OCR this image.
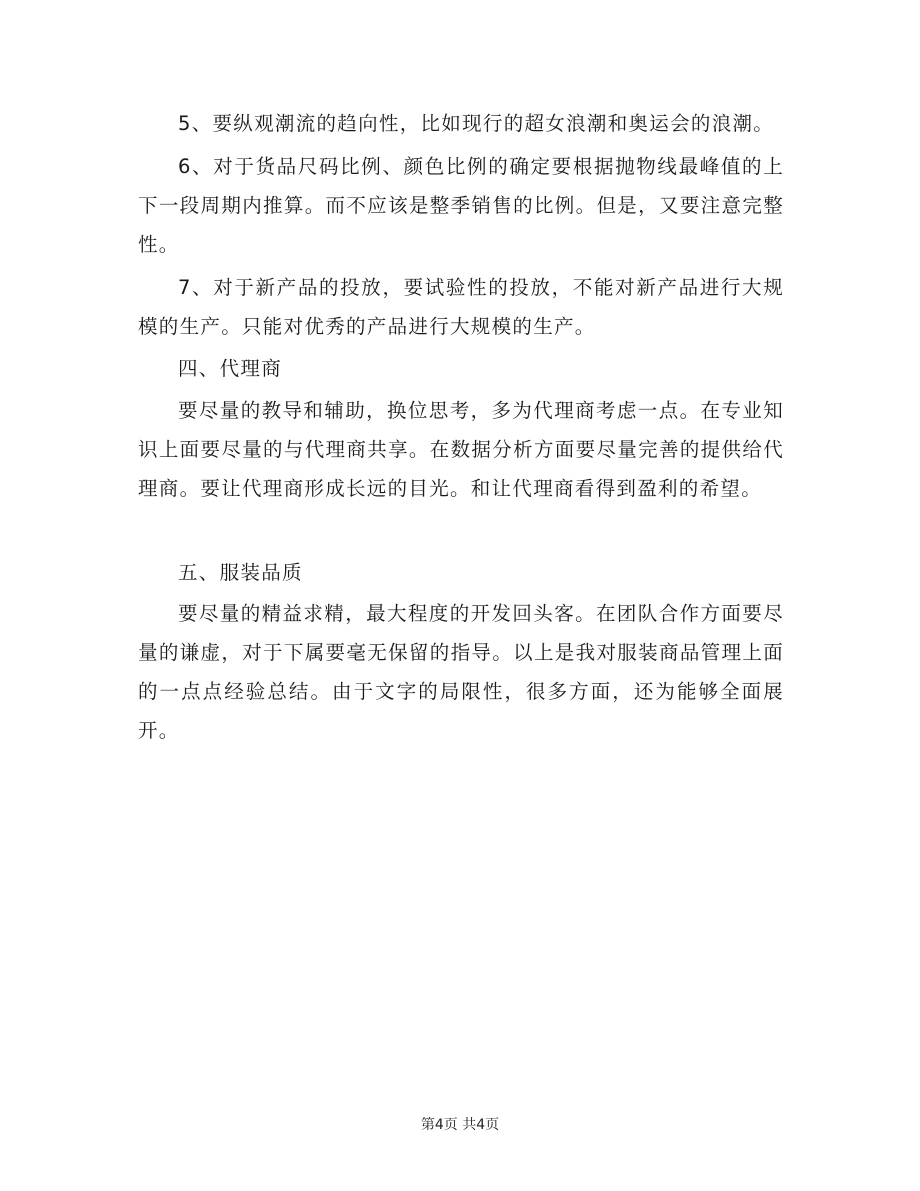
5、要纵观潮流的趋向性，比如现行的超女浪潮和奥运会的浪潮。

6、对于货品尺码比例、颜色比例的确定要根据抛物线最峰值的上下一段周期内推算。而不应该是整季销售的比例。但是，又要注意完整性。

7、对于新产品的投放，要试验性的投放，不能对新产品进行大规模的生产。只能对优秀的产品进行大规模的生产。

四、代理商

要尽量的教导和辅助，换位思考，多为代理商考虑一点。在专业知识上面要尽量的与代理商共享。在数据分析方面要尽量完善的提供给代理商。要让代理商形成长远的目光。和让代理商看得到盈利的希望。

五、服装品质

要尽量的精益求精，最大程度的开发回头客。在团队合作方面要尽量的谦虚，对于下属要毫无保留的指导。以上是我对服装商品管理上面的一点点经验总结。由于文字的局限性，很多方面，还为能够全面展开。

第4页 共4页
